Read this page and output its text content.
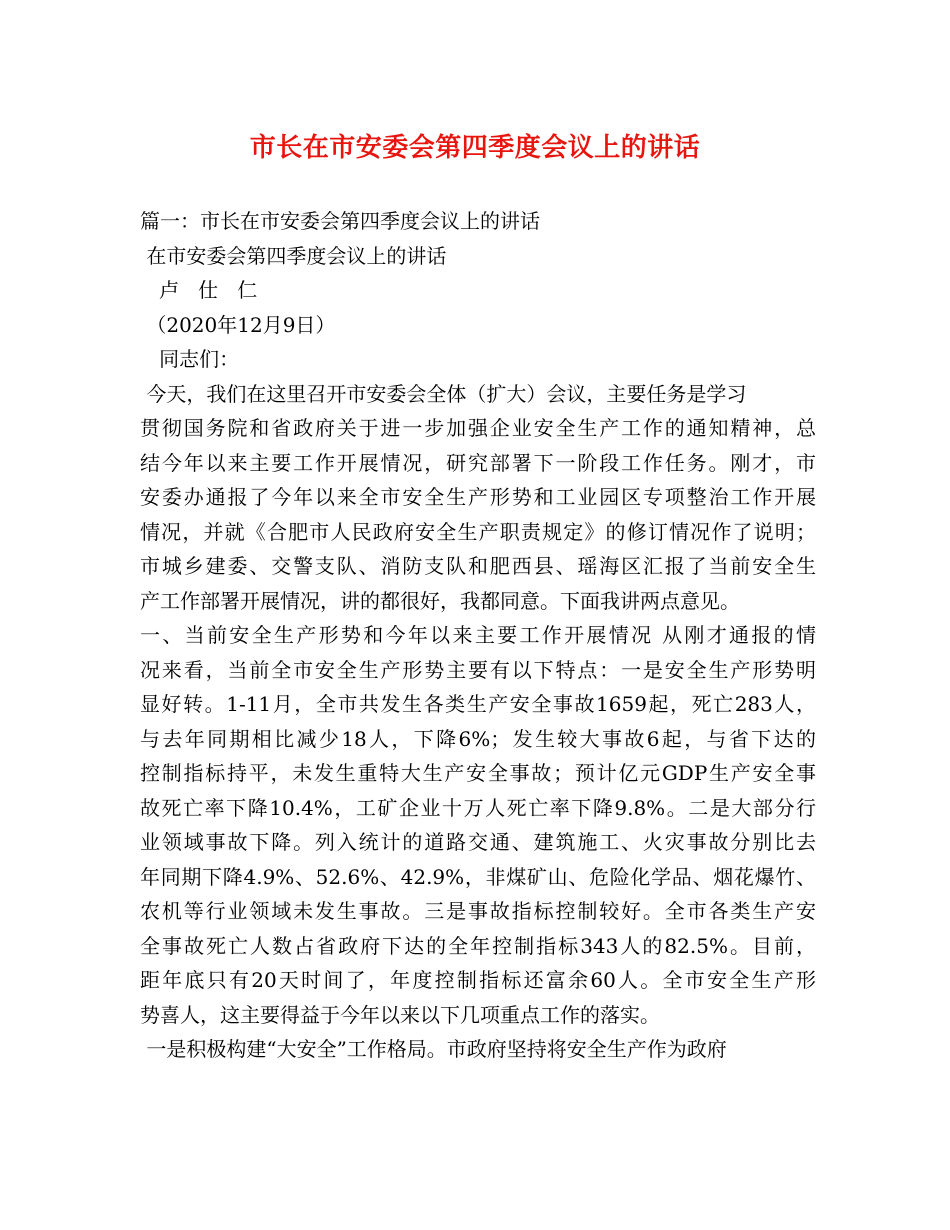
市长在市安委会第四季度会议上的讲话
篇一：市长在市安委会第四季度会议上的讲话
在市安委会第四季度会议上的讲话
卢   仕   仁
（2020年12月9日）
同志们：
今天，我们在这里召开市安委会全体（扩大）会议，主要任务是学习
贯彻国务院和省政府关于进一步加强企业安全生产工作的通知精神，总
结今年以来主要工作开展情况，研究部署下一阶段工作任务。刚才，市
安委办通报了今年以来全市安全生产形势和工业园区专项整治工作开展
情况，并就《合肥市人民政府安全生产职责规定》的修订情况作了说明；
市城乡建委、交警支队、消防支队和肥西县、瑶海区汇报了当前安全生
产工作部署开展情况，讲的都很好，我都同意。下面我讲两点意见。
一、当前安全生产形势和今年以来主要工作开展情况 从刚才通报的情
况来看，当前全市安全生产形势主要有以下特点：一是安全生产形势明
显好转。1-11月，全市共发生各类生产安全事故1659起，死亡283人，
与去年同期相比减少18人，下降6%；发生较大事故6起，与省下达的
控制指标持平，未发生重特大生产安全事故；预计亿元GDP生产安全事
故死亡率下降10.4%，工矿企业十万人死亡率下降9.8%。二是大部分行
业领域事故下降。列入统计的道路交通、建筑施工、火灾事故分别比去
年同期下降4.9%、52.6%、42.9%，非煤矿山、危险化学品、烟花爆竹、
农机等行业领域未发生事故。三是事故指标控制较好。全市各类生产安
全事故死亡人数占省政府下达的全年控制指标343人的82.5%。目前，
距年底只有20天时间了，年度控制指标还富余60人。全市安全生产形
势喜人，这主要得益于今年以来以下几项重点工作的落实。
一是积极构建“大安全”工作格局。市政府坚持将安全生产作为政府
